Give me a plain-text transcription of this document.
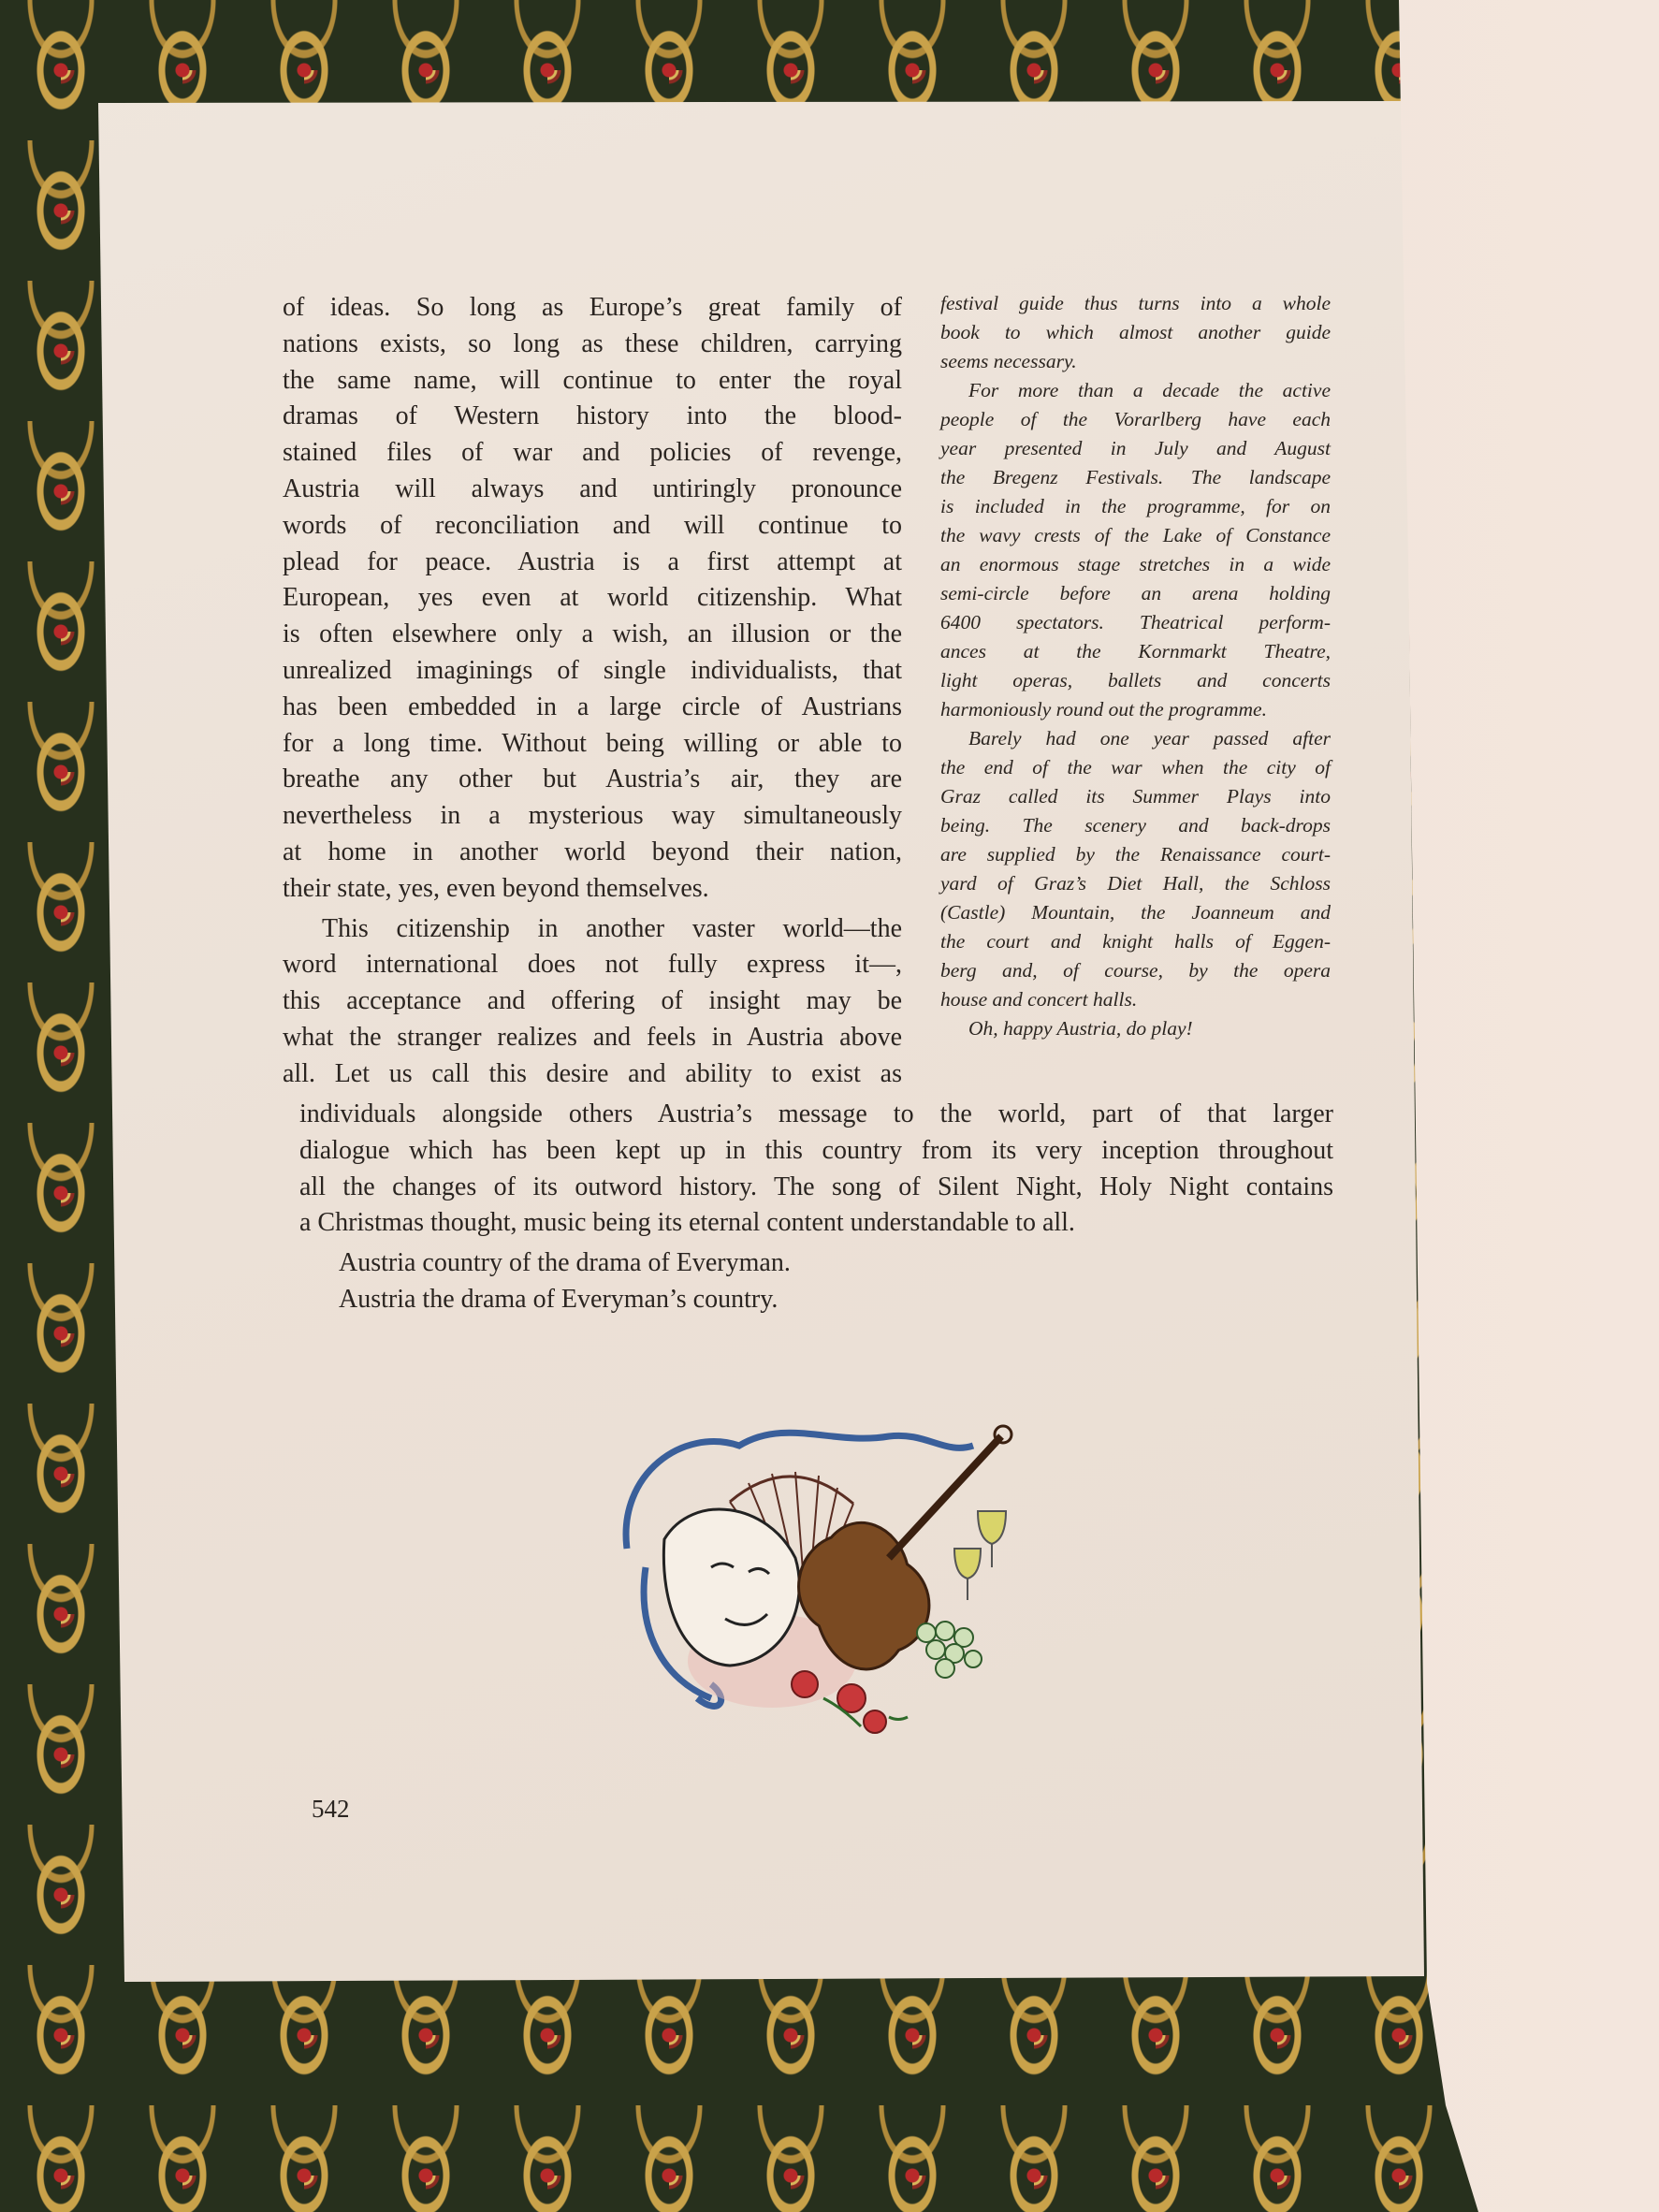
of ideas. So long as Europe’s great family of
nations exists, so long as these children, carrying
the same name, will continue to enter the royal
dramas of Western history into the blood-
stained files of war and policies of revenge,
Austria will always and untiringly pronounce
words of reconciliation and will continue to
plead for peace. Austria is a first attempt at
European, yes even at world citizenship. What
is often elsewhere only a wish, an illusion or the
unrealized imaginings of single individualists, that
has been embedded in a large circle of Austrians
for a long time. Without being willing or able to
breathe any other but Austria’s air, they are
nevertheless in a mysterious way simultaneously
at home in another world beyond their nation,
their state, yes, even beyond themselves.
This citizenship in another vaster world—the
word international does not fully express it—,
this acceptance and offering of insight may be
what the stranger realizes and feels in Austria above
all. Let us call this desire and ability to exist as
individuals alongside others Austria’s message to the world, part of that larger
dialogue which has been kept up in this country from its very inception throughout
all the changes of its outword history. The song of Silent Night, Holy Night contains
a Christmas thought, music being its eternal content understandable to all.
Austria country of the drama of Everyman.
Austria the drama of Everyman’s country.
festival guide thus turns into a whole
book to which almost another guide
seems necessary.
For more than a decade the active
people of the Vorarlberg have each
year presented in July and August
the Bregenz Festivals. The landscape
is included in the programme, for on
the wavy crests of the Lake of Constance
an enormous stage stretches in a wide
semi-circle before an arena holding
6400 spectators. Theatrical perform-
ances at the Kornmarkt Theatre,
light operas, ballets and concerts
harmoniously round out the programme.
Barely had one year passed after
the end of the war when the city of
Graz called its Summer Plays into
being. The scenery and back-drops
are supplied by the Renaissance court-
yard of Graz’s Diet Hall, the Schloss
(Castle) Mountain, the Joanneum and
the court and knight halls of Eggen-
berg and, of course, by the opera
house and concert halls.
Oh, happy Austria, do play!
542
